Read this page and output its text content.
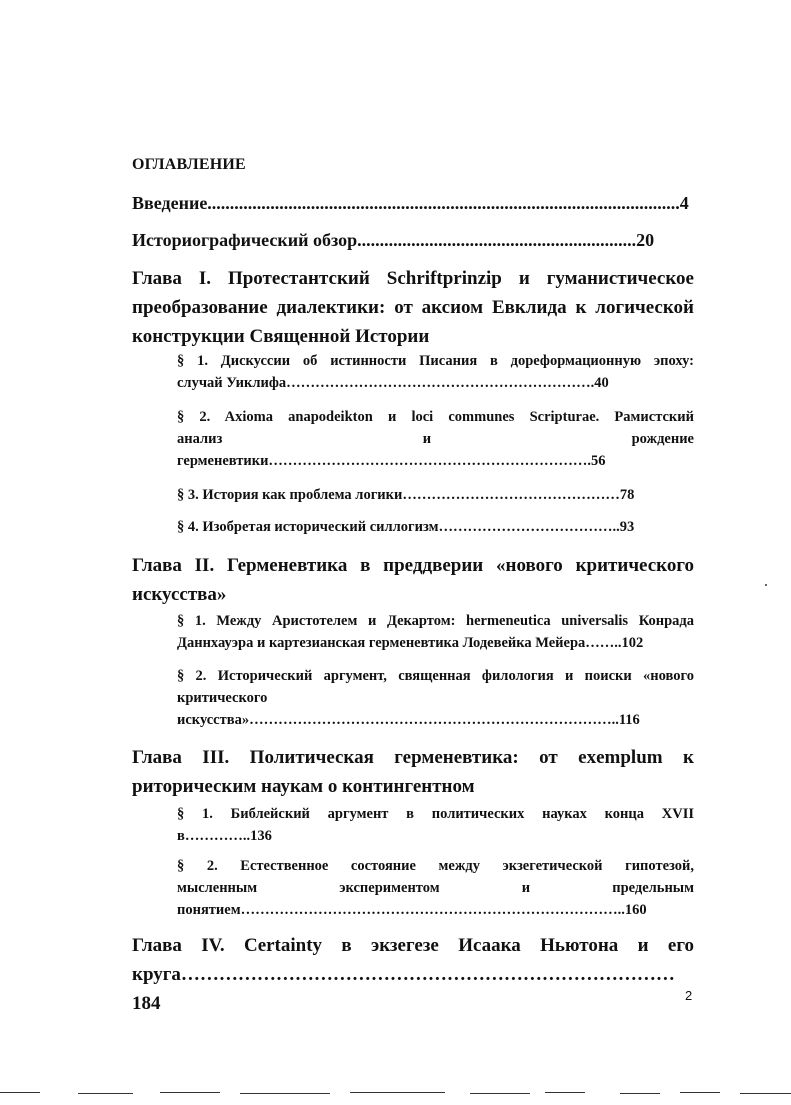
ОГЛАВЛЕНИЕ
Введение.........................................................................................................4
Историографический обзор..............................................................20
Глава I. Протестантский Schriftprinzip и гуманистическое
преобразование диалектики: от аксиом Евклида к логической
конструкции Священной Истории
§ 1. Дискуссии об истинности Писания в дореформационную эпоху:
случай Уиклифа……………………………………………………….40
§ 2. Axioma anapodeikton и loci communes Scripturae. Рамистский
анализ и рождение
герменевтики………………………………………………………….56
§ 3. История как проблема логики………………………………………78
§ 4. Изобретая исторический силлогизм………………………………..93
Глава II. Герменевтика в преддверии «нового критического
искусства»
§ 1. Между Аристотелем и Декартом: hermeneutica universalis Конрада
Даннхауэра и картезианская герменевтика Лодевейка Мейера……..102
§ 2. Исторический аргумент, священная филология и поиски «нового
критического
искусства»…………………………………………………………………..116
Глава III. Политическая герменевтика: от exemplum к
риторическим наукам о контингентном
§ 1. Библейский аргумент в политических науках конца XVII
в…………..136
§ 2. Естественное состояние между экзегетической гипотезой,
мысленным экспериментом и предельным
понятием……………………………………………………………………..160
Глава IV. Certainty в экзегезе Исаака Ньютона и его
круга……………………………………………………………………184	2
